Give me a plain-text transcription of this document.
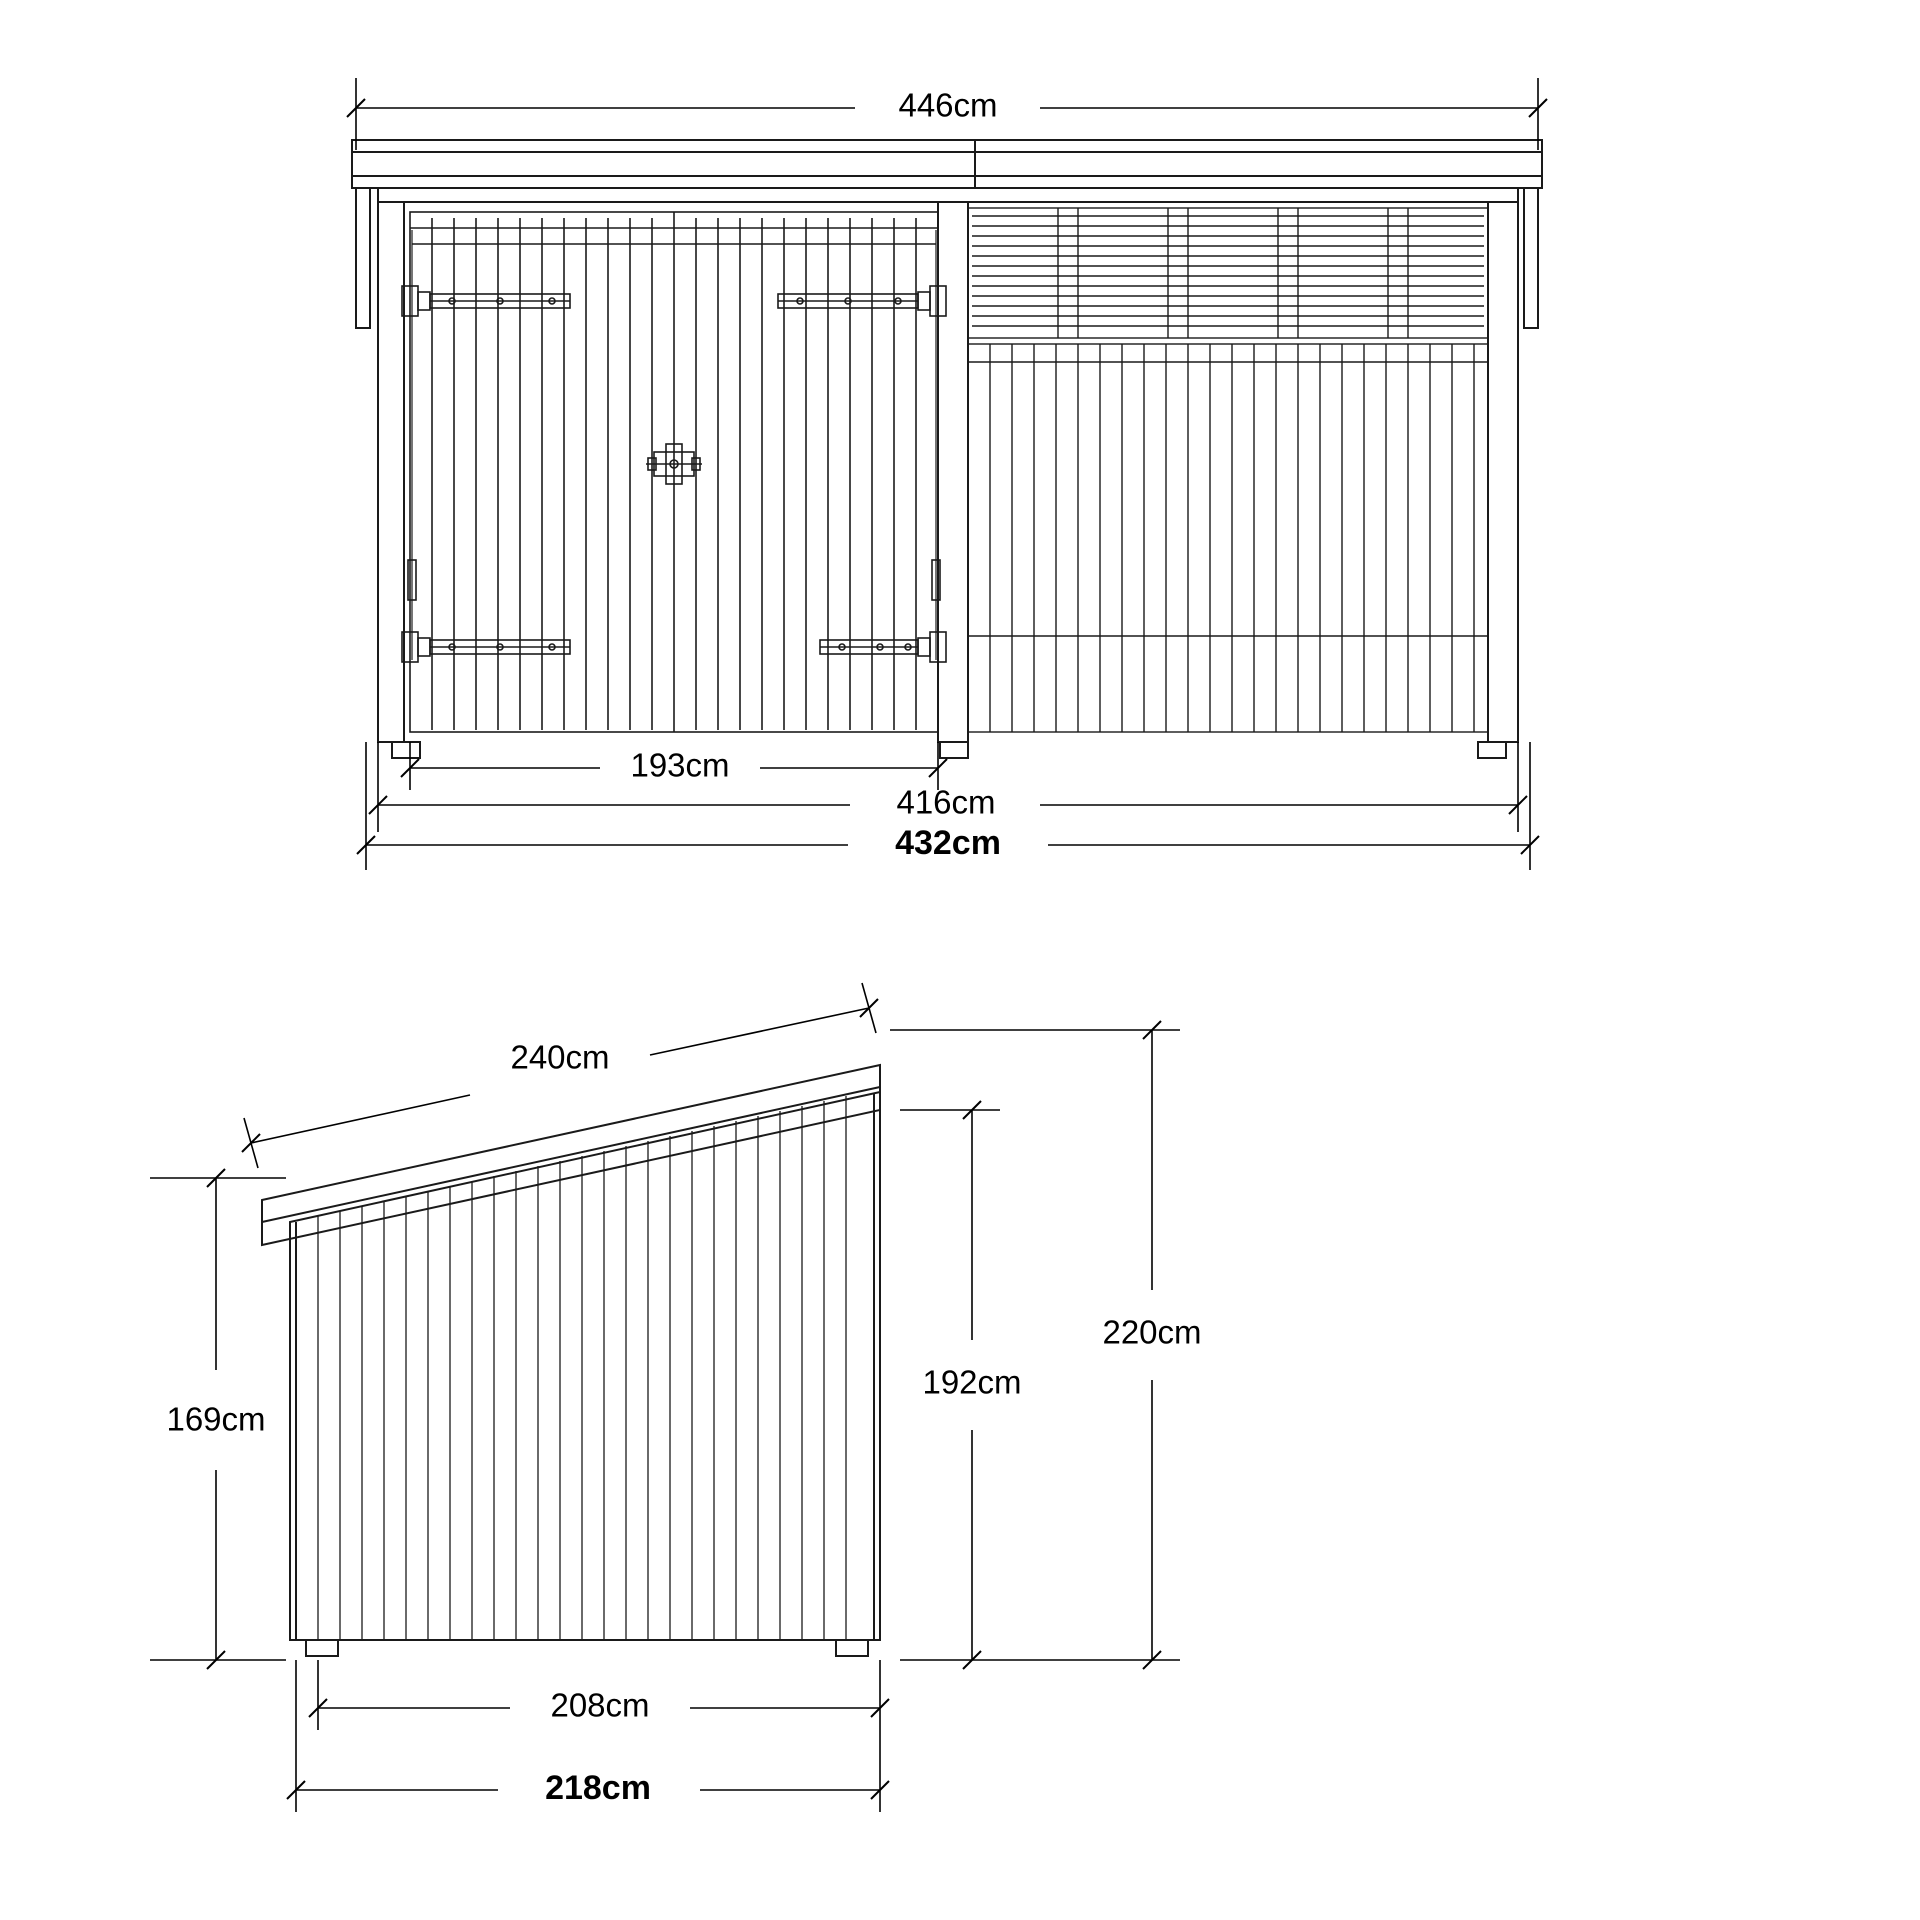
446cm
193cm
416cm
432cm
240cm
169cm
192cm
220cm
208cm
218cm
